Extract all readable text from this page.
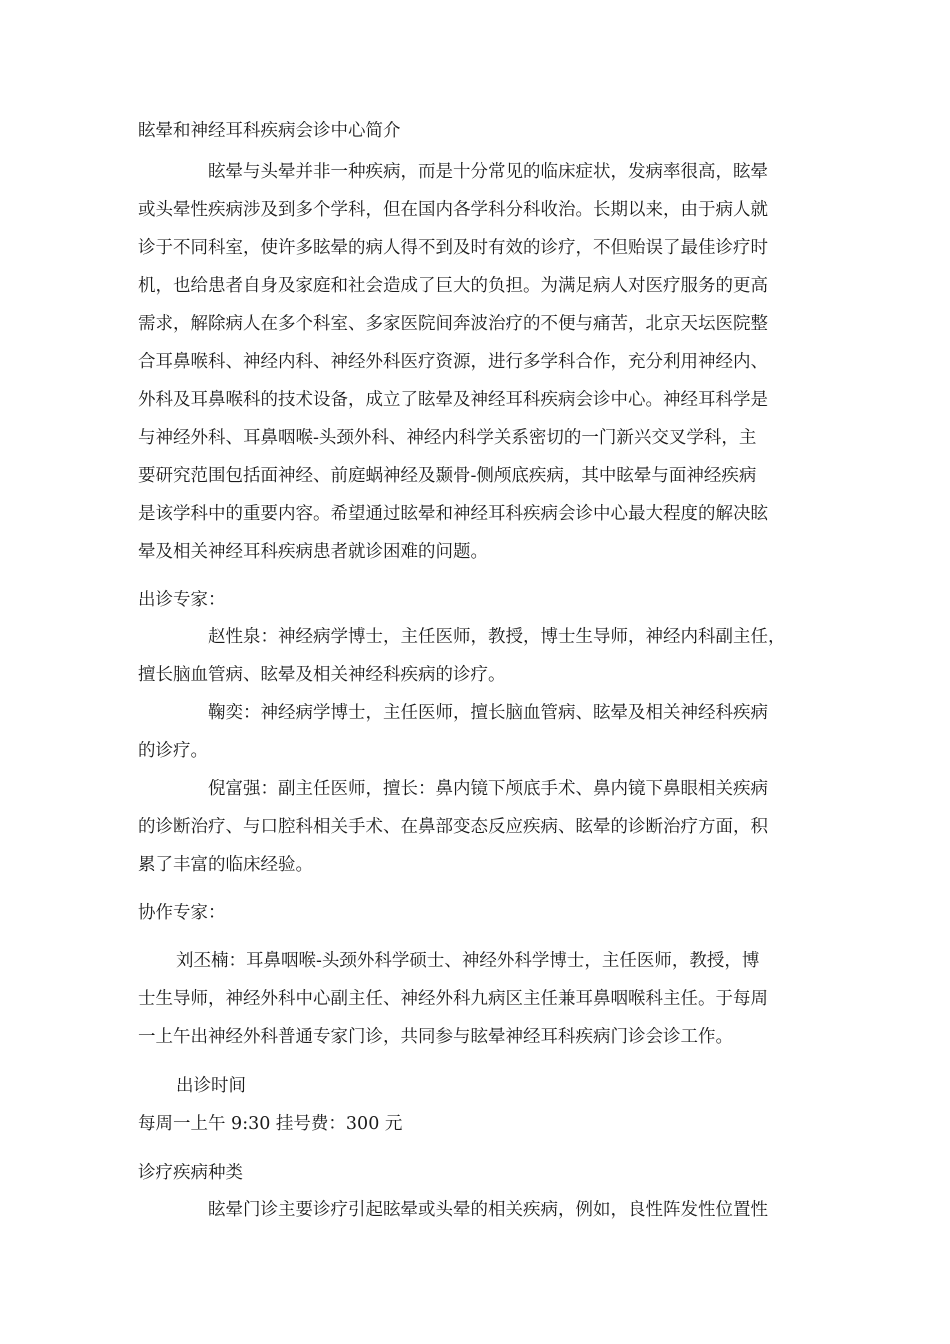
眩晕和神经耳科疾病会诊中心简介
眩晕与头晕并非一种疾病，而是十分常见的临床症状，发病率很高，眩晕
或头晕性疾病涉及到多个学科，但在国内各学科分科收治。长期以来，由于病人就
诊于不同科室，使许多眩晕的病人得不到及时有效的诊疗，不但贻误了最佳诊疗时
机，也给患者自身及家庭和社会造成了巨大的负担。为满足病人对医疗服务的更高
需求，解除病人在多个科室、多家医院间奔波治疗的不便与痛苦，北京天坛医院整
合耳鼻喉科、神经内科、神经外科医疗资源，进行多学科合作，充分利用神经内、
外科及耳鼻喉科的技术设备，成立了眩晕及神经耳科疾病会诊中心。神经耳科学是
与神经外科、耳鼻咽喉-头颈外科、神经内科学关系密切的一门新兴交叉学科，主
要研究范围包括面神经、前庭蜗神经及颞骨-侧颅底疾病，其中眩晕与面神经疾病
是该学科中的重要内容。希望通过眩晕和神经耳科疾病会诊中心最大程度的解决眩
晕及相关神经耳科疾病患者就诊困难的问题。
出诊专家：
赵性泉：神经病学博士，主任医师，教授，博士生导师，神经内科副主任，
擅长脑血管病、眩晕及相关神经科疾病的诊疗。
鞠奕：神经病学博士，主任医师，擅长脑血管病、眩晕及相关神经科疾病
的诊疗。
倪富强：副主任医师，擅长：鼻内镜下颅底手术、鼻内镜下鼻眼相关疾病
的诊断治疗、与口腔科相关手术、在鼻部变态反应疾病、眩晕的诊断治疗方面，积
累了丰富的临床经验。
协作专家：
刘丕楠：耳鼻咽喉-头颈外科学硕士、神经外科学博士，主任医师，教授，博
士生导师，神经外科中心副主任、神经外科九病区主任兼耳鼻咽喉科主任。于每周
一上午出神经外科普通专家门诊，共同参与眩晕神经耳科疾病门诊会诊工作。
出诊时间
每周一上午 9:30 挂号费：300 元
诊疗疾病种类
眩晕门诊主要诊疗引起眩晕或头晕的相关疾病，例如，良性阵发性位置性
